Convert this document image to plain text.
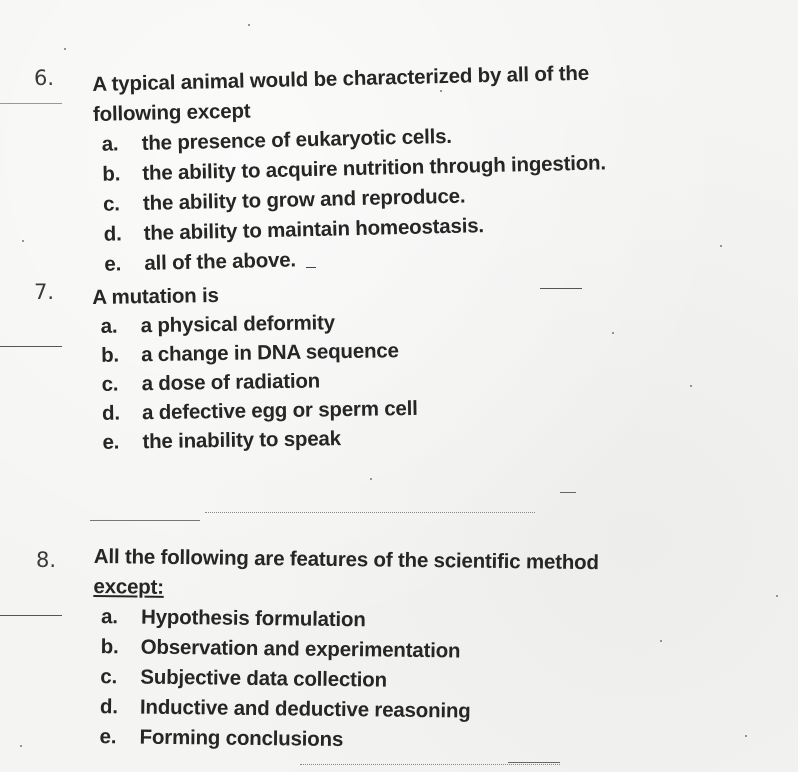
6. A typical animal would be characterized by all of the
following except
a. the presence of eukaryotic cells.
b. the ability to acquire nutrition through ingestion.
c. the ability to grow and reproduce.
d. the ability to maintain homeostasis.
e. all of the above.
7. A mutation is
a. a physical deformity
b. a change in DNA sequence
c. a dose of radiation
d. a defective egg or sperm cell
e. the inability to speak
8. All the following are features of the scientific method
except:
a. Hypothesis formulation
b. Observation and experimentation
c. Subjective data collection
d. Inductive and deductive reasoning
e. Forming conclusions
